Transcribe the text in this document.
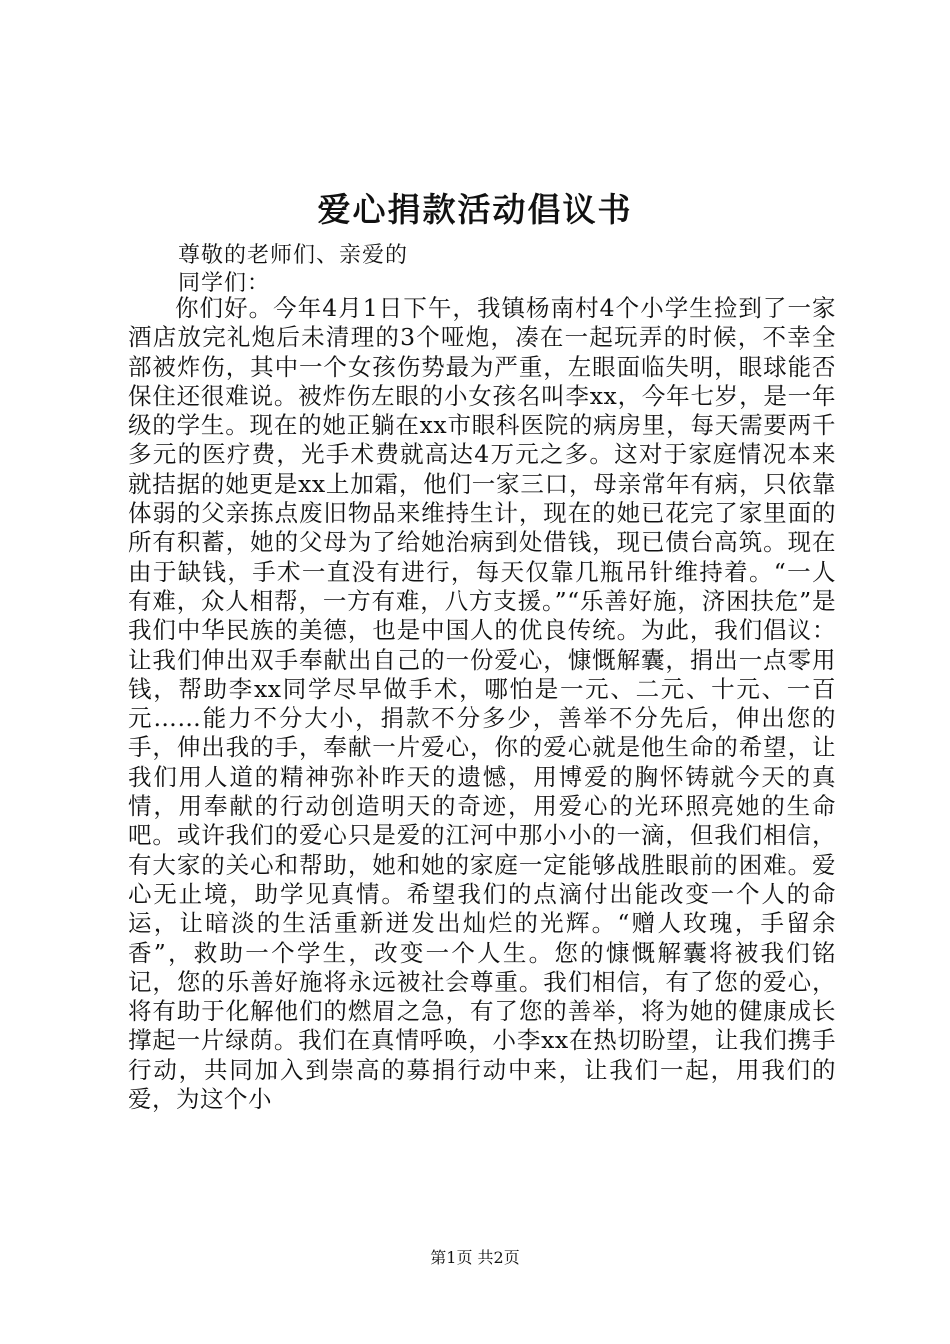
爱心捐款活动倡议书
尊敬的老师们、亲爱的
同学们：

你们好。今年4月1日下午，我镇杨南村4个小学生捡到了一家酒店放完礼炮后未清理的3个哑炮，凑在一起玩弄的时候，不幸全部被炸伤，其中一个女孩伤势最为严重，左眼面临失明，眼球能否保住还很难说。被炸伤左眼的小女孩名叫李xx，今年七岁，是一年级的学生。现在的她正躺在xx市眼科医院的病房里，每天需要两千多元的医疗费，光手术费就高达4万元之多。这对于家庭情况本来就拮据的她更是xx上加霜，他们一家三口，母亲常年有病，只依靠体弱的父亲拣点废旧物品来维持生计，现在的她已花完了家里面的所有积蓄，她的父母为了给她治病到处借钱，现已债台高筑。现在由于缺钱，手术一直没有进行，每天仅靠几瓶吊针维持着。“一人有难，众人相帮，一方有难，八方支援。”“乐善好施，济困扶危”是我们中华民族的美德，也是中国人的优良传统。为此，我们倡议：让我们伸出双手奉献出自己的一份爱心，慷慨解囊，捐出一点零用钱，帮助李xx同学尽早做手术，哪怕是一元、二元、十元、一百元……能力不分大小，捐款不分多少，善举不分先后，伸出您的手，伸出我的手，奉献一片爱心，你的爱心就是他生命的希望，让我们用人道的精神弥补昨天的遗憾，用博爱的胸怀铸就今天的真情，用奉献的行动创造明天的奇迹，用爱心的光环照亮她的生命吧。或许我们的爱心只是爱的江河中那小小的一滴，但我们相信，有大家的关心和帮助，她和她的家庭一定能够战胜眼前的困难。爱心无止境，助学见真情。希望我们的点滴付出能改变一个人的命运，让暗淡的生活重新迸发出灿烂的光辉。“赠人玫瑰，手留余香”，救助一个学生，改变一个人生。您的慷慨解囊将被我们铭记，您的乐善好施将永远被社会尊重。我们相信，有了您的爱心，将有助于化解他们的燃眉之急，有了您的善举，将为她的健康成长撑起一片绿荫。我们在真情呼唤，小李xx在热切盼望，让我们携手行动，共同加入到崇高的募捐行动中来，让我们一起，用我们的爱，为这个小

第1页 共2页
